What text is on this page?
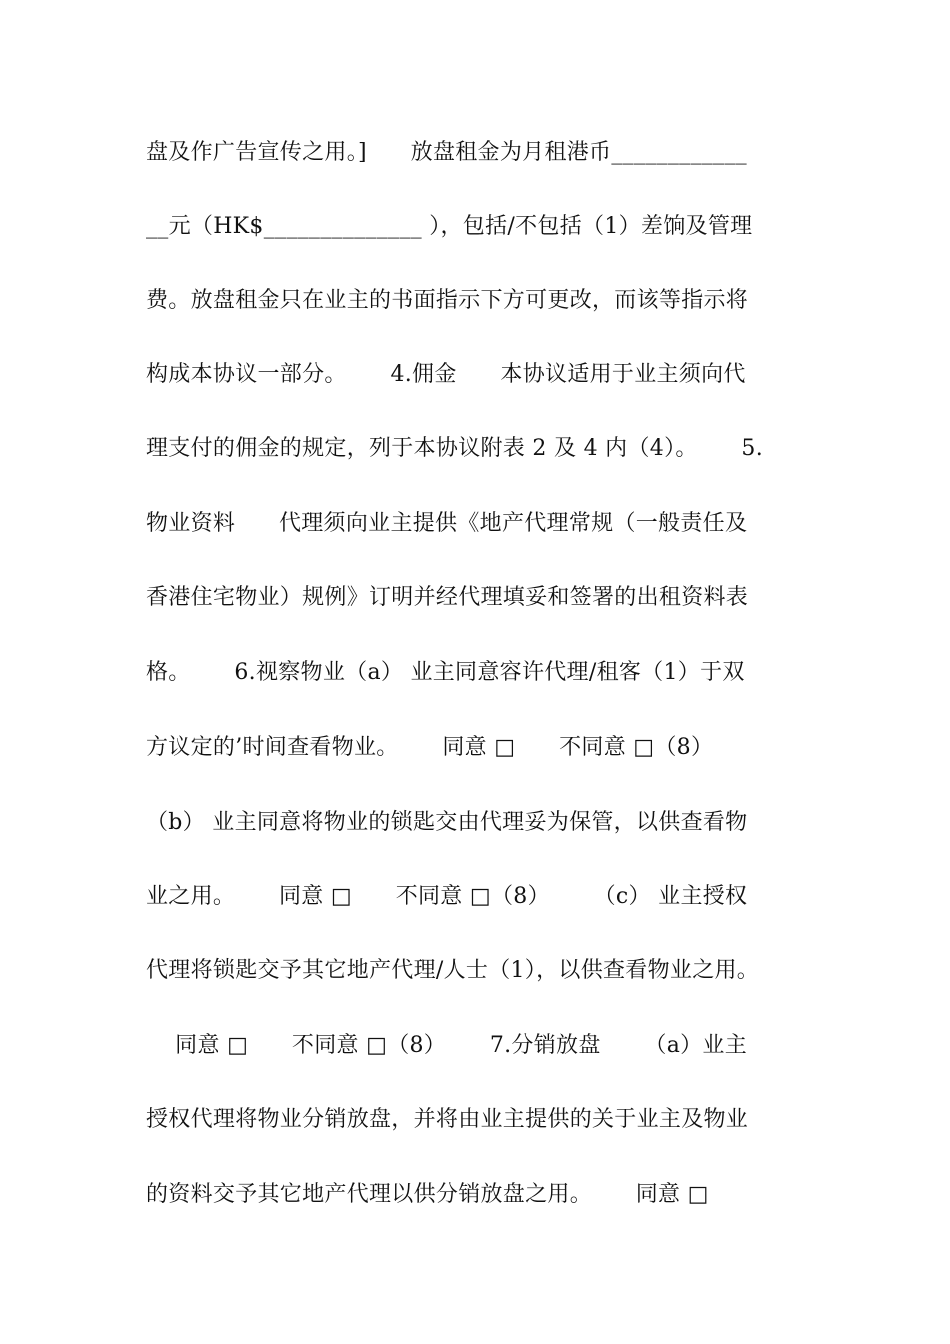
盘及作广告宣传之用。]      放盘租金为月租港币____________
__元（HK$______________ ），包括/不包括（1）差饷及管理
费。放盘租金只在业主的书面指示下方可更改，而该等指示将
构成本协议一部分。      4.佣金      本协议适用于业主须向代
理支付的佣金的规定，列于本协议附表 2 及 4 内（4）。      5.
物业资料      代理须向业主提供《地产代理常规（一般责任及
香港住宅物业）规例》订明并经代理填妥和签署的出租资料表
格。      6.视察物业（a） 业主同意容许代理/租客（1）于双
方议定的’时间查看物业。      同意 □      不同意 □（8）
（b） 业主同意将物业的锁匙交由代理妥为保管，以供查看物
业之用。      同意 □      不同意 □（8）      （c） 业主授权
代理将锁匙交予其它地产代理/人士（1），以供查看物业之用。
同意 □      不同意 □（8）      7.分销放盘      （a）业主
授权代理将物业分销放盘，并将由业主提供的关于业主及物业
的资料交予其它地产代理以供分销放盘之用。      同意 □
